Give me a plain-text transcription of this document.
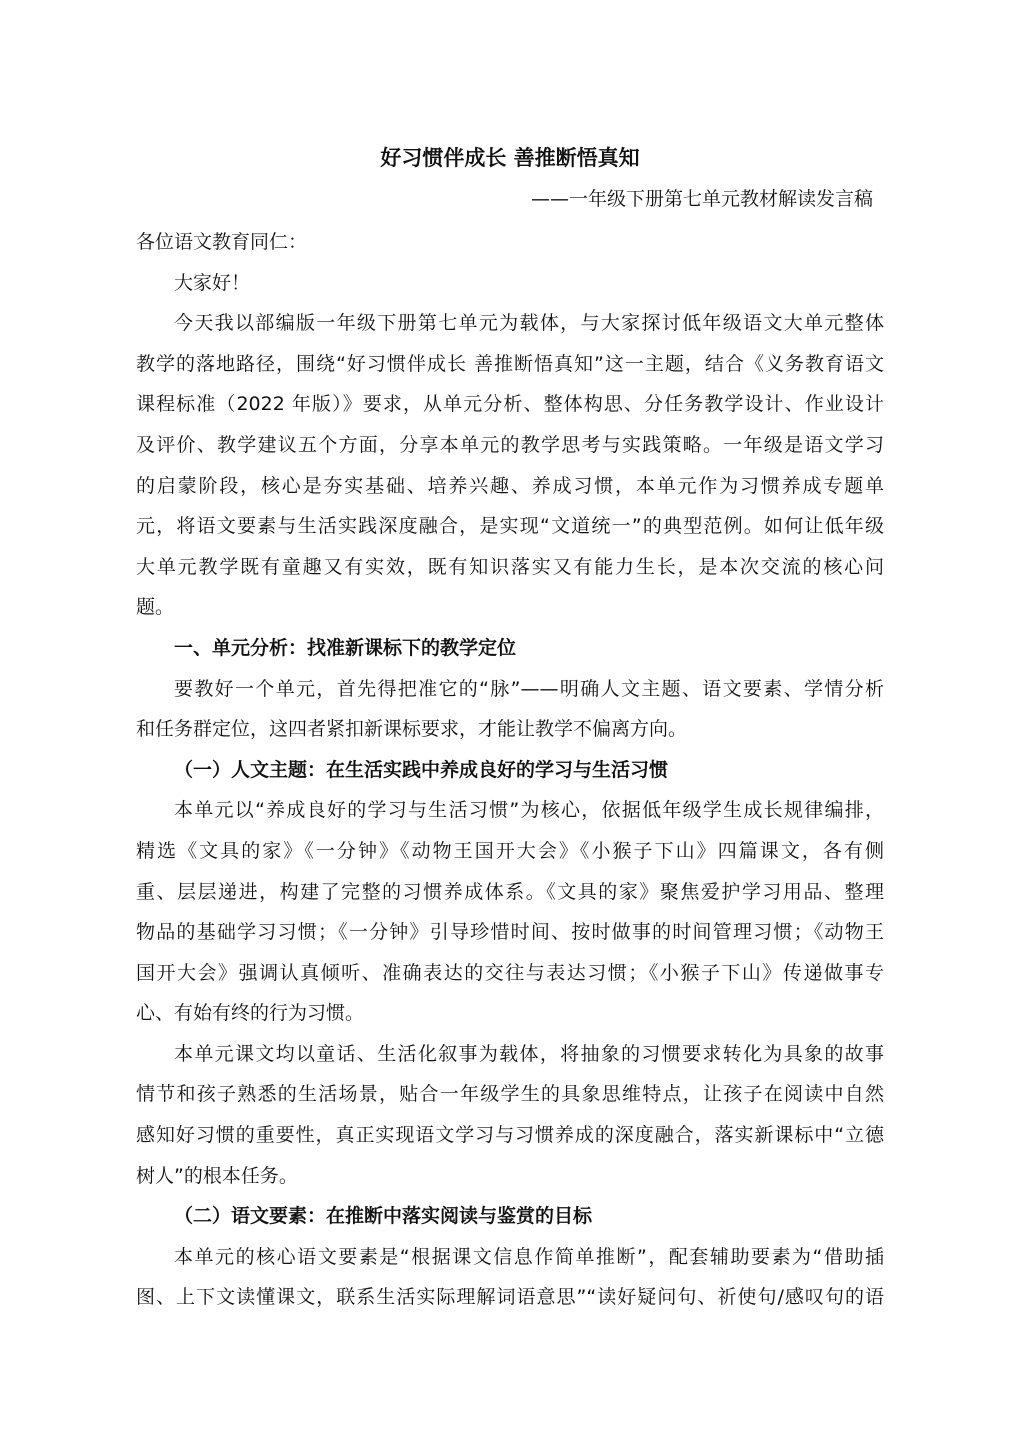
好习惯伴成长 善推断悟真知
——一年级下册第七单元教材解读发言稿
各位语文教育同仁：
大家好！
今天我以部编版一年级下册第七单元为载体，与大家探讨低年级语文大单元整体
教学的落地路径，围绕“好习惯伴成长 善推断悟真知”这一主题，结合《义务教育语文
课程标准（2022 年版）》要求，从单元分析、整体构思、分任务教学设计、作业设计
及评价、教学建议五个方面，分享本单元的教学思考与实践策略。一年级是语文学习
的启蒙阶段，核心是夯实基础、培养兴趣、养成习惯，本单元作为习惯养成专题单
元，将语文要素与生活实践深度融合，是实现“文道统一”的典型范例。如何让低年级
大单元教学既有童趣又有实效，既有知识落实又有能力生长，是本次交流的核心问
题。
一、单元分析：找准新课标下的教学定位
要教好一个单元，首先得把准它的“脉”——明确人文主题、语文要素、学情分析
和任务群定位，这四者紧扣新课标要求，才能让教学不偏离方向。
（一）人文主题：在生活实践中养成良好的学习与生活习惯
本单元以“养成良好的学习与生活习惯”为核心，依据低年级学生成长规律编排，
精选《文具的家》《一分钟》《动物王国开大会》《小猴子下山》四篇课文，各有侧
重、层层递进，构建了完整的习惯养成体系。《文具的家》聚焦爱护学习用品、整理
物品的基础学习习惯；《一分钟》引导珍惜时间、按时做事的时间管理习惯；《动物王
国开大会》强调认真倾听、准确表达的交往与表达习惯；《小猴子下山》传递做事专
心、有始有终的行为习惯。
本单元课文均以童话、生活化叙事为载体，将抽象的习惯要求转化为具象的故事
情节和孩子熟悉的生活场景，贴合一年级学生的具象思维特点，让孩子在阅读中自然
感知好习惯的重要性，真正实现语文学习与习惯养成的深度融合，落实新课标中“立德
树人”的根本任务。
（二）语文要素：在推断中落实阅读与鉴赏的目标
本单元的核心语文要素是“根据课文信息作简单推断”，配套辅助要素为“借助插
图、上下文读懂课文，联系生活实际理解词语意思”“读好疑问句、祈使句/感叹句的语
